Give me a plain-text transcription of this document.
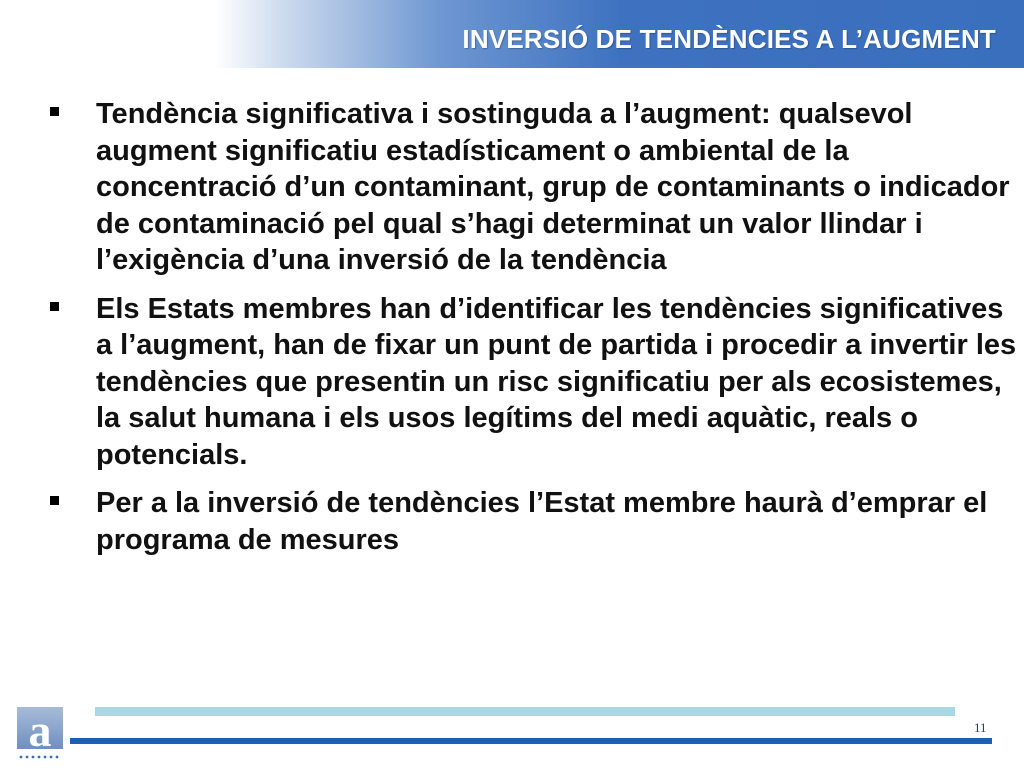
INVERSIÓ DE TENDÈNCIES A L’AUGMENT
Tendència significativa i sostinguda a l’augment: qualsevol augment significatiu estadísticament o ambiental de la concentració d’un contaminant, grup de contaminants o indicador de contaminació pel qual s’hagi determinat un valor llindar i l’exigència d’una inversió de la tendència
Els Estats membres han d’identificar les tendències significatives a l’augment, han de fixar un punt de partida i procedir a invertir les tendències que presentin un risc significatiu per als ecosistemes, la salut humana i els usos legítims del medi aquàtic, reals o potencials.
Per a la inversió de tendències l’Estat membre haurà d’emprar el programa de mesures
11
a
